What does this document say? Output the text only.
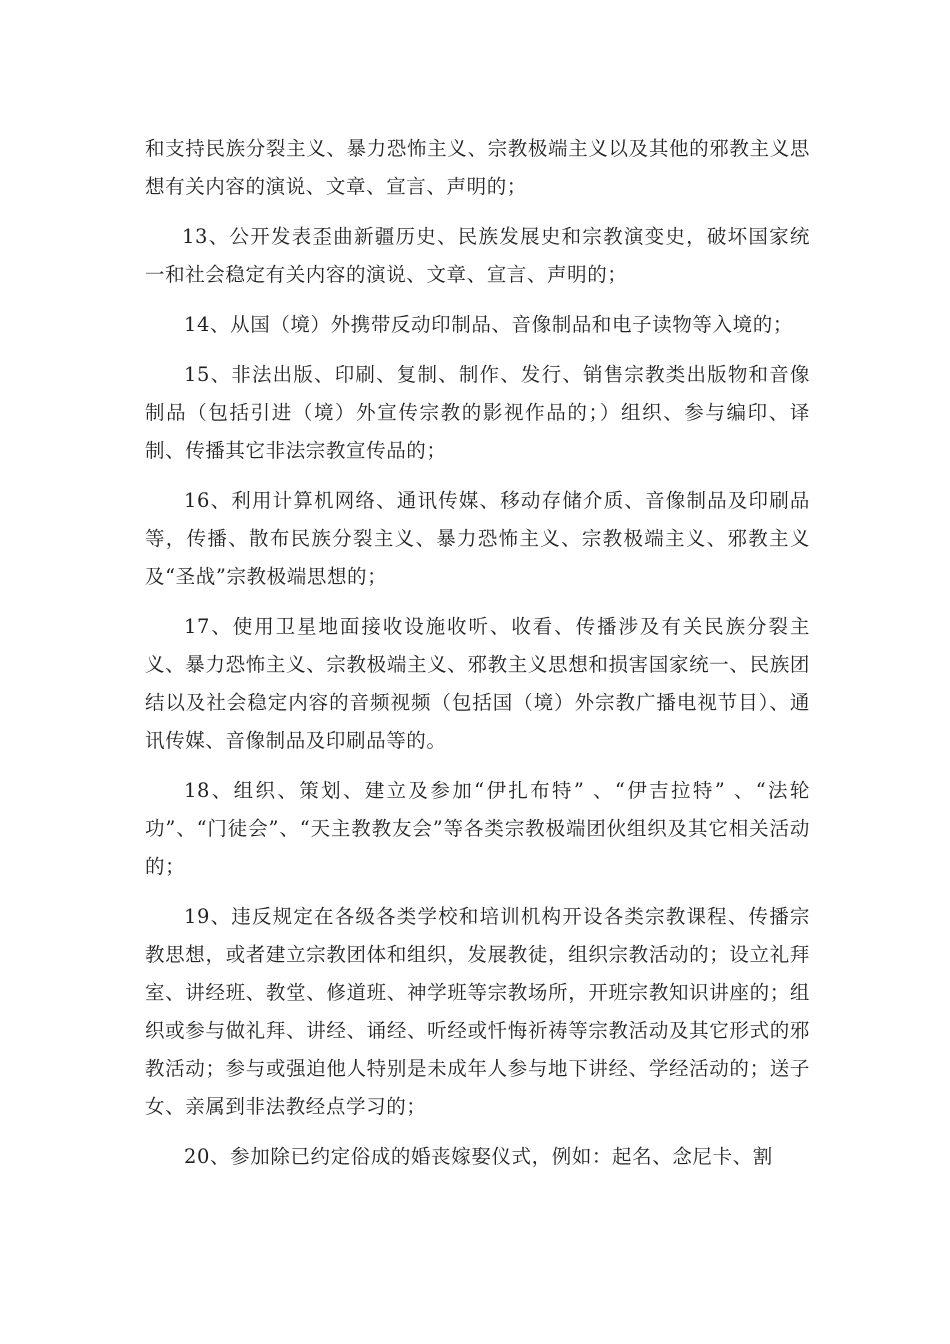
和支持民族分裂主义、暴力恐怖主义、宗教极端主义以及其他的邪教主义思想有关内容的演说、文章、宣言、声明的；

13、公开发表歪曲新疆历史、民族发展史和宗教演变史，破坏国家统一和社会稳定有关内容的演说、文章、宣言、声明的；

14、从国（境）外携带反动印制品、音像制品和电子读物等入境的；

15、非法出版、印刷、复制、制作、发行、销售宗教类出版物和音像制品（包括引进（境）外宣传宗教的影视作品的；）组织、参与编印、译制、传播其它非法宗教宣传品的；

16、利用计算机网络、通讯传媒、移动存储介质、音像制品及印刷品等，传播、散布民族分裂主义、暴力恐怖主义、宗教极端主义、邪教主义及“圣战”宗教极端思想的；

17、使用卫星地面接收设施收听、收看、传播涉及有关民族分裂主义、暴力恐怖主义、宗教极端主义、邪教主义思想和损害国家统一、民族团结以及社会稳定内容的音频视频（包括国（境）外宗教广播电视节目）、通讯传媒、音像制品及印刷品等的。

18、组织、策划、建立及参加“伊扎布特” 、“伊吉拉特” 、“法轮功”、“门徒会”、“天主教教友会”等各类宗教极端团伙组织及其它相关活动的；

19、违反规定在各级各类学校和培训机构开设各类宗教课程、传播宗教思想，或者建立宗教团体和组织，发展教徒，组织宗教活动的；设立礼拜室、讲经班、教堂、修道班、神学班等宗教场所，开班宗教知识讲座的；组织或参与做礼拜、讲经、诵经、听经或忏悔祈祷等宗教活动及其它形式的邪教活动；参与或强迫他人特别是未成年人参与地下讲经、学经活动的；送子女、亲属到非法教经点学习的；

20、参加除已约定俗成的婚丧嫁娶仪式，例如：起名、念尼卡、割
